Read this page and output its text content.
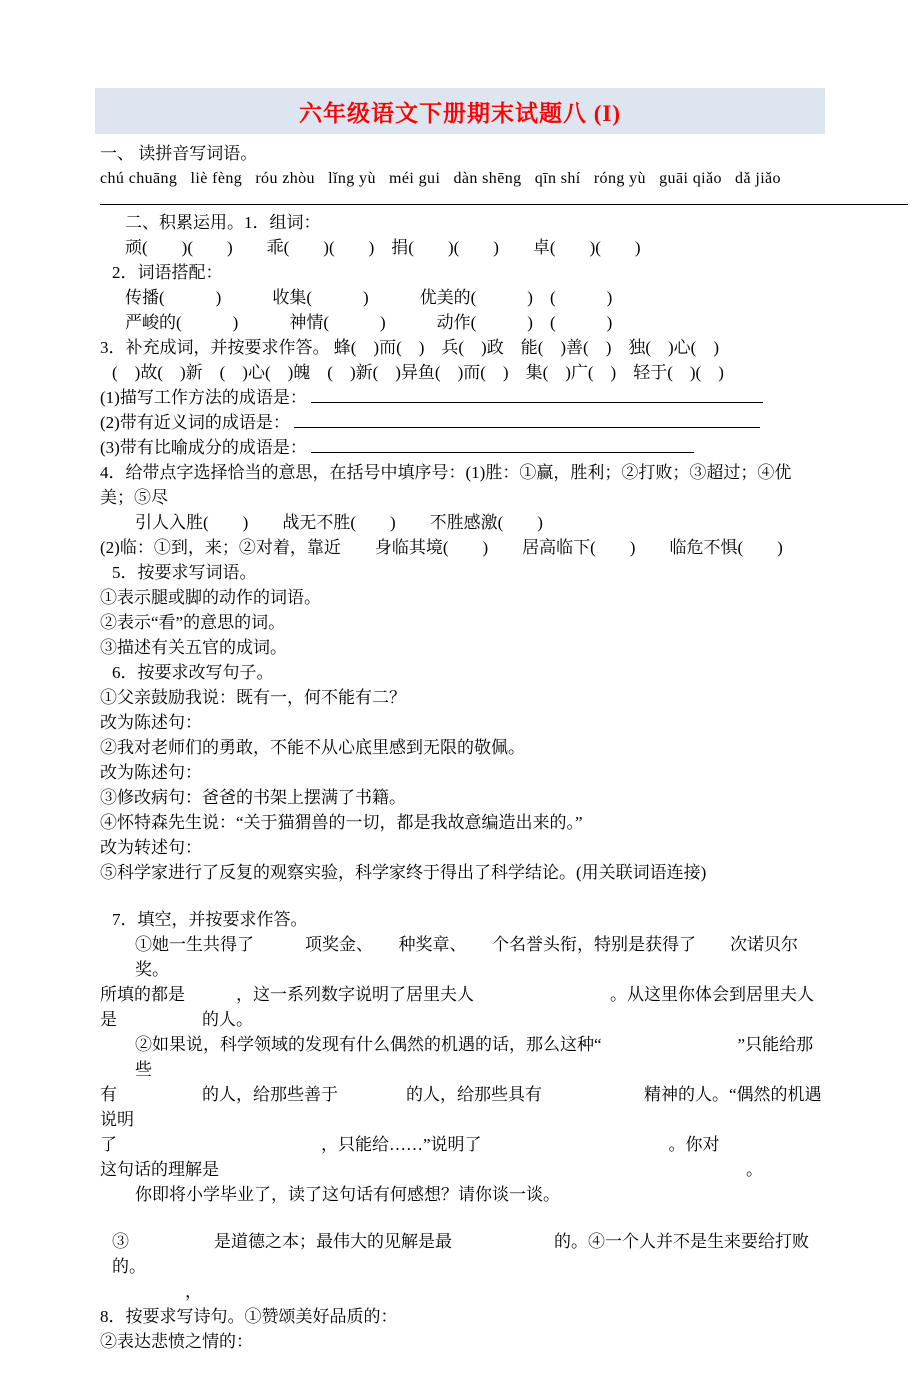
六年级语文下册期末试题八 (I)
一、 读拼音写词语。
chú chuāng   liè fèng   róu zhòu   lǐng yù   méi gui   dàn shēng   qīn shí   róng yù   guāi qiǎo   dǎ jiǎo
二、积累运用。1．组词：
顽(　　)(　　)　　乖(　　)(　　)　捐(　　)(　　)　　卓(　　)(　　)
2．词语搭配：
传播(　　　)　　　收集(　　　)　　　优美的(　　　)　(　　　)
严峻的(　　　)　　　神情(　　　)　　　动作(　　　)　(　　　)
3．补充成词，并按要求作答。 蜂(　)而(　)　兵(　)政　能(　)善(　)　独(　)心(　)
(　)故(　)新　(　)心(　)魄　(　)新(　)异鱼(　)而(　)　集(　)广(　)　轻于(　)(　)
(1)描写工作方法的成语是：
(2)带有近义词的成语是：
(3)带有比喻成分的成语是：
4．给带点字选择恰当的意思，在括号中填序号：(1)胜：①赢，胜利；②打败；③超过；④优美；⑤尽
引人入胜(　　)　　战无不胜(　　)　　不胜感激(　　)
(2)临：①到，来；②对着，靠近　　身临其境(　　)　　居高临下(　　)　　临危不惧(　　)
5．按要求写词语。
①表示腿或脚的动作的词语。
②表示“看”的意思的词。
③描述有关五官的成词。
6．按要求改写句子。
①父亲鼓励我说：既有一，何不能有二？
改为陈述句：
②我对老师们的勇敢，不能不从心底里感到无限的敬佩。
改为陈述句：
③修改病句：爸爸的书架上摆满了书籍。
④怀特森先生说：“关于猫猬兽的一切，都是我故意编造出来的。”
改为转述句：
⑤科学家进行了反复的观察实验，科学家终于得出了科学结论。(用关联词语连接)
7．填空，并按要求作答。
①她一生共得了　　　项奖金、　　种奖章、　　个名誉头衔，特别是获得了　　次诺贝尔奖。
所填的都是　　　，这一系列数字说明了居里夫人　　　　　　　　。从这里你体会到居里夫人
是　　　　　的人。
②如果说，科学领域的发现有什么偶然的机遇的话，那么这种“　　　　　　　　”只能给那些
有　　　　　的人，给那些善于　　　　的人，给那些具有　　　　　　精神的人。“偶然的机遇说明
了　　　　　　　　　　　　，只能给……”说明了　　　　　　　　　　　。你对
这句话的理解是　　　　　　　　　　　　　　　　　　　　　　　　　　　　　　　。
你即将小学毕业了，读了这句话有何感想？请你谈一谈。
③　　　　　是道德之本；最伟大的见解是最　　　　　　的。④一个人并不是生来要给打败的。
　　　　　，
8．按要求写诗句。①赞颂美好品质的：
②表达悲愤之情的：
